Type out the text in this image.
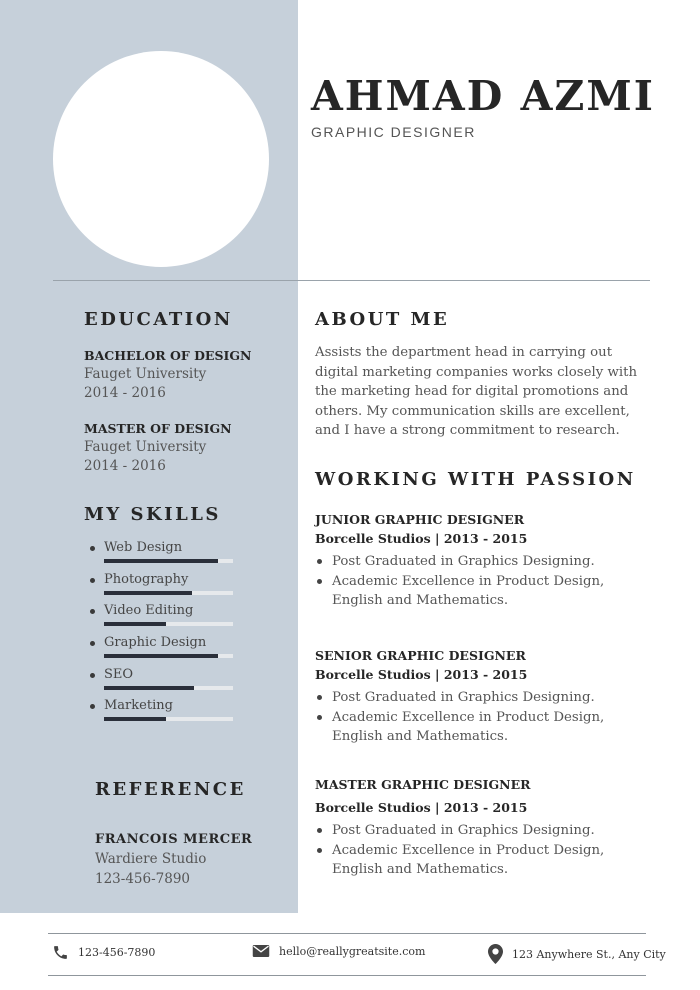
AHMAD AZMI
GRAPHIC DESIGNER
EDUCATION
BACHELOR OF DESIGN
Fauget University
2014 - 2016
MASTER OF DESIGN
Fauget University
2014 - 2016
MY SKILLS
Web Design
Photography
Video Editing
Graphic Design
SEO
Marketing
REFERENCE
FRANCOIS MERCER
Wardiere Studio
123-456-7890
ABOUT ME

Assists the department head in carrying out digital marketing companies works closely with the marketing head for digital promotions and others. My communication skills are excellent, and I have a strong commitment to research.

WORKING WITH PASSION
JUNIOR GRAPHIC DESIGNER
Borcelle Studios | 2013 - 2015
Post Graduated in Graphics Designing.
Academic Excellence in Product Design, English and Mathematics.
SENIOR GRAPHIC DESIGNER
Borcelle Studios | 2013 - 2015
Post Graduated in Graphics Designing.
Academic Excellence in Product Design, English and Mathematics.
MASTER GRAPHIC DESIGNER
Borcelle Studios | 2013 - 2015
Post Graduated in Graphics Designing.
Academic Excellence in Product Design, English and Mathematics.
123-456-7890	hello@reallygreatsite.com	123 Anywhere St., Any City
